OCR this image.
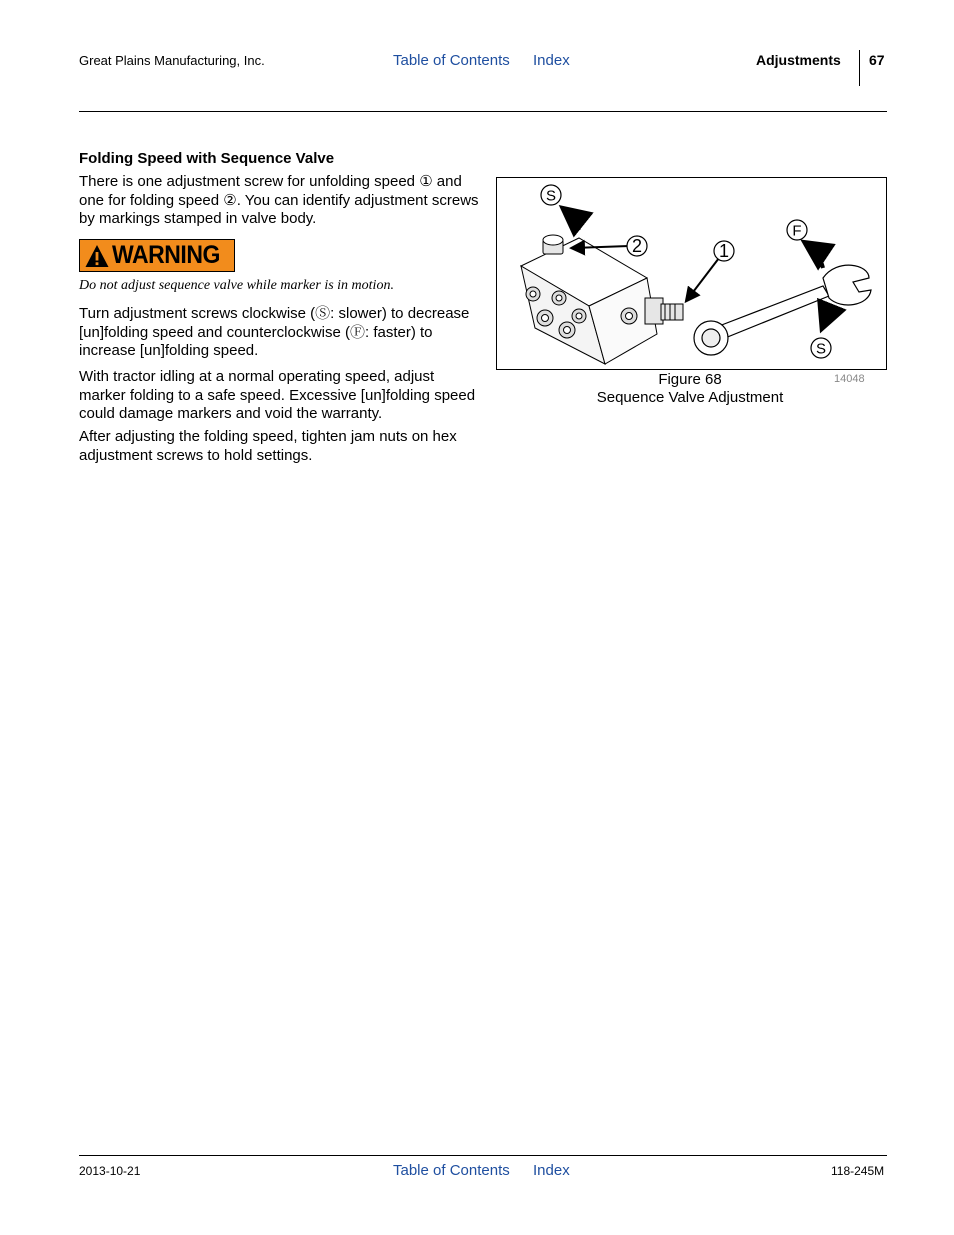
Great Plains Manufacturing, Inc.	Table of Contents Index	Adjustments 67
Folding Speed with Sequence Valve
There is one adjustment screw for unfolding speed ① and one for folding speed ②. You can identify adjustment screws by markings stamped in valve body.
WARNING
Do not adjust sequence valve while marker is in motion.
Turn adjustment screws clockwise (Ⓢ: slower) to decrease [un]folding speed and counterclockwise (Ⓕ: faster) to increase [un]folding speed.
With tractor idling at a normal operating speed, adjust marker folding to a safe speed. Excessive [un]folding speed could damage markers and void the warranty.
After adjusting the folding speed, tighten jam nuts on hex adjustment screws to hold settings.
S
2	1
F
S
14048
Figure 68
Sequence Valve Adjustment
2013-10-21	Table of Contents Index	118-245M
